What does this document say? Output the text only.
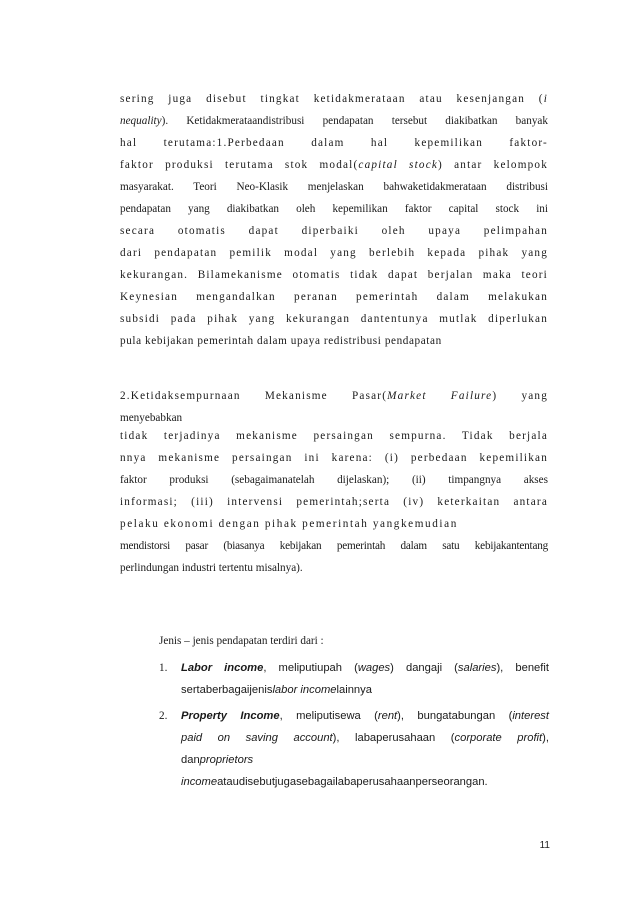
sering juga disebut tingkat ketidakmerataan atau kesenjangan (i
nequality). Ketidakmerataandistribusi pendapatan tersebut diakibatkan banyak
hal terutama:1.Perbedaan dalam hal kepemilikan faktor-
faktor produksi terutama stok modal(capital stock) antar kelompok
masyarakat. Teori Neo-Klasik menjelaskan bahwaketidakmerataan distribusi
pendapatan yang diakibatkan oleh kepemilikan faktor capital stock ini
secara otomatis dapat diperbaiki oleh upaya pelimpahan
dari pendapatan pemilik modal yang berlebih kepada pihak yang
kekurangan. Bilamekanisme otomatis tidak dapat berjalan maka teori
Keynesian mengandalkan peranan pemerintah dalam melakukan
subsidi pada pihak yang kekurangan dantentunya mutlak diperlukan
pula kebijakan pemerintah dalam upaya redistribusi pendapatan
2.Ketidaksempurnaan Mekanisme Pasar(Market Failure) yang
menyebabkan
tidak terjadinya mekanisme persaingan sempurna. Tidak berjala
nnya mekanisme persaingan ini karena: (i) perbedaan kepemilikan
faktor produksi (sebagaimanatelah dijelaskan); (ii) timpangnya akses
informasi; (iii) intervensi pemerintah;serta (iv) keterkaitan antara
pelaku ekonomi dengan pihak pemerintah yangkemudian
mendistorsi pasar (biasanya kebijakan pemerintah dalam satu kebijakantentang
perlindungan industri tertentu misalnya).
Jenis – jenis pendapatan terdiri dari :
1. Labor income, meliputiupah (wages) dangaji (salaries), benefit
sertaberbagaijenislabor incomelainnya
2. Property Income, meliputisewa (rent), bungatabungan (interest
paid on saving account), labaperusahaan (corporate profit),
danproprietors
incomeataudisebutjugasebagailabaperusahaanperseorangan.
11
